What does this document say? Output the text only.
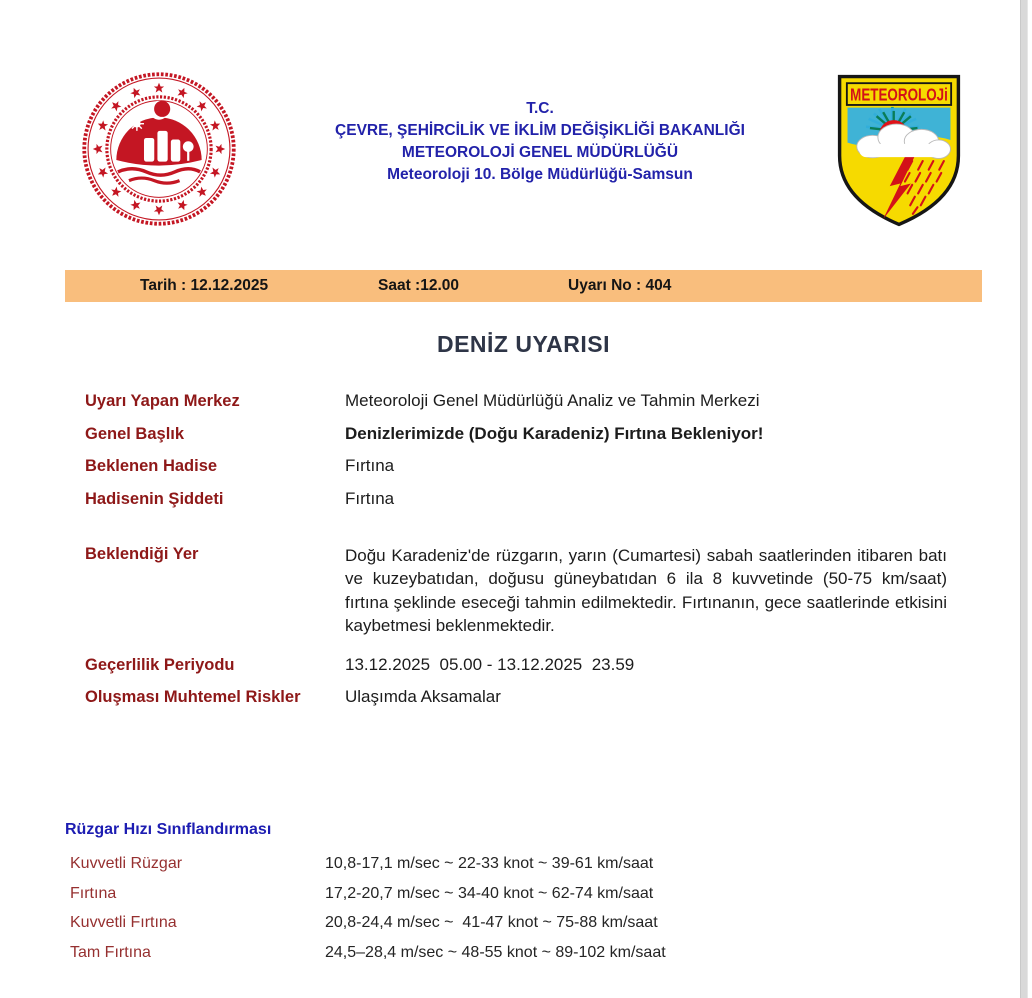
T.C.
ÇEVRE, ŞEHİRCİLİK VE İKLİM DEĞİŞİKLİĞİ BAKANLIĞI
METEOROLOJİ GENEL MÜDÜRLÜĞÜ
Meteoroloji 10. Bölge Müdürlüğü-Samsun
METEOROLOJi
Tarih : 12.12.2025	Saat :12.00	Uyarı No : 404
DENİZ UYARISI
Uyarı Yapan Merkez	Meteoroloji Genel Müdürlüğü Analiz ve Tahmin Merkezi
Genel Başlık	Denizlerimizde (Doğu Karadeniz) Fırtına Bekleniyor!
Beklenen Hadise	Fırtına
Hadisenin Şiddeti	Fırtına
Beklendiği Yer	Doğu Karadeniz'de rüzgarın, yarın (Cumartesi) sabah saatlerinden itibaren batı ve kuzeybatıdan, doğusu güneybatıdan 6 ila 8 kuvvetinde (50-75 km/saat) fırtına şeklinde eseceği tahmin edilmektedir. Fırtınanın, gece saatlerinde etkisini kaybetmesi beklenmektedir.
Geçerlilik Periyodu	13.12.2025  05.00 - 13.12.2025  23.59
Oluşması Muhtemel Riskler	Ulaşımda Aksamalar
Rüzgar Hızı Sınıflandırması
Kuvvetli Rüzgar	10,8-17,1 m/sec ~ 22-33 knot ~ 39-61 km/saat
Fırtına	17,2-20,7 m/sec ~ 34-40 knot ~ 62-74 km/saat
Kuvvetli Fırtına	20,8-24,4 m/sec ~  41-47 knot ~ 75-88 km/saat
Tam Fırtına	24,5–28,4 m/sec ~ 48-55 knot ~ 89-102 km/saat
